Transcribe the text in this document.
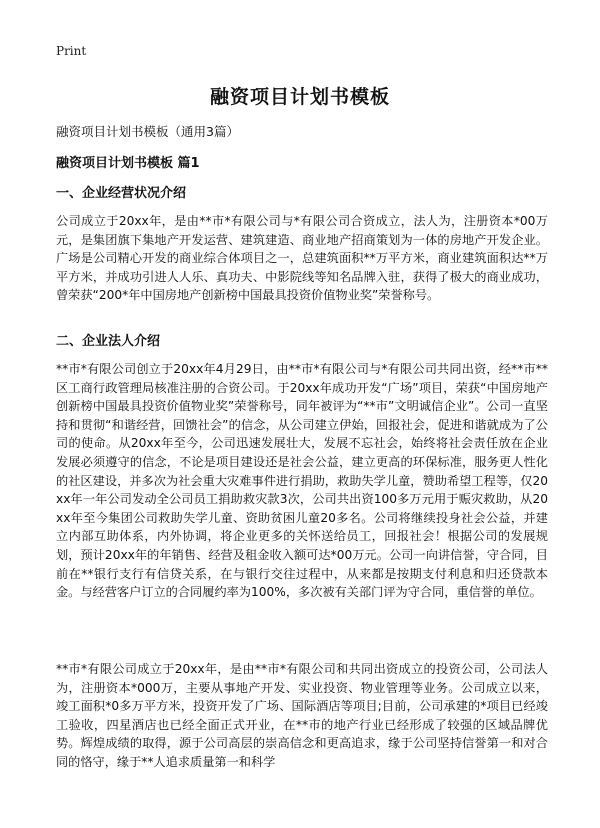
Print
融资项目计划书模板
融资项目计划书模板（通用3篇）
融资项目计划书模板 篇1
一、企业经营状况介绍
公司成立于20xx年，是由**市*有限公司与*有限公司合资成立，法人为，注册资本*00万元，是集团旗下集地产开发运营、建筑建造、商业地产招商策划为一体的房地产开发企业。广场是公司精心开发的商业综合体项目之一，总建筑面积**万平方米，商业建筑面积达**万平方米，并成功引进人人乐、真功夫、中影院线等知名品牌入驻，获得了极大的商业成功，曾荣获“200*年中国房地产创新榜中国最具投资价值物业奖”荣誉称号。
二、企业法人介绍
**市*有限公司创立于20xx年4月29日，由**市*有限公司与*有限公司共同出资，经**市**区工商行政管理局核准注册的合资公司。于20xx年成功开发“广场”项目，荣获“中国房地产创新榜中国最具投资价值物业奖”荣誉称号，同年被评为“**市”文明诚信企业”。公司一直坚持和贯彻“和谐经营，回馈社会”的信念，从公司建立伊始，回报社会，促进和谐就成为了公司的使命。从20xx年至今，公司迅速发展壮大，发展不忘社会，始终将社会责任放在企业发展必须遵守的信念，不论是项目建设还是社会公益，建立更高的环保标准，服务更人性化的社区建设，并多次为社会重大灾难事件进行捐助，救助失学儿童，赞助希望工程等，仅20xx年一年公司发动全公司员工捐助救灾款3次，公司共出资100多万元用于赈灾救助，从20xx年至今集团公司救助失学儿童、资助贫困儿童20多名。公司将继续投身社会公益，并建立内部互助体系，内外协调，将企业更多的关怀送给员工，回报社会！根据公司的发展规划，预计20xx年的年销售、经营及租金收入额可达*00万元。公司一向讲信誉，守合同，目前在**银行支行有信贷关系，在与银行交往过程中，从来都是按期支付利息和归还贷款本金。与经营客户订立的合同履约率为100%，多次被有关部门评为守合同，重信誉的单位。
**市*有限公司成立于20xx年，是由**市*有限公司和共同出资成立的投资公司，公司法人为，注册资本*000万，主要从事地产开发、实业投资、物业管理等业务。公司成立以来，竣工面积*0多万平方米，投资开发了广场、国际酒店等项目;目前，公司承建的*项目已经竣工验收，四星酒店也已经全面正式开业，在**市的地产行业已经形成了较强的区域品牌优势。辉煌成绩的取得，源于公司高层的崇高信念和更高追求，缘于公司坚持信誉第一和对合同的恪守，缘于**人追求质量第一和科学
